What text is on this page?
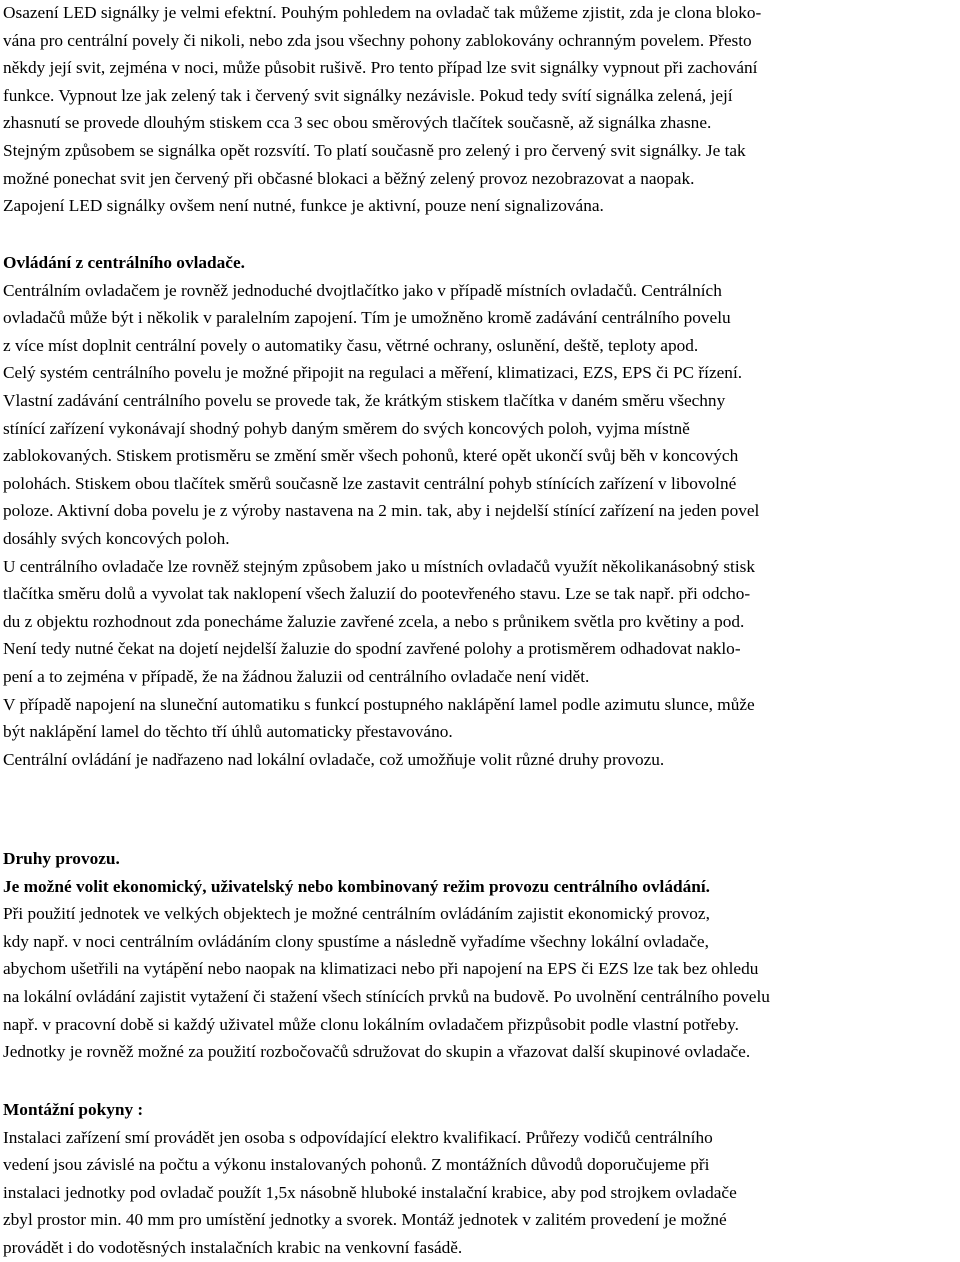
Osazení LED signálky je velmi efektní. Pouhým pohledem na ovladač tak můžeme zjistit, zda je clona bloko-
vána pro centrální povely či nikoli, nebo zda jsou všechny pohony zablokovány ochranným povelem. Přesto
někdy její svit, zejména v noci, může působit rušivě. Pro tento případ lze svit signálky vypnout při zachování
funkce. Vypnout lze jak zelený tak i červený svit signálky nezávisle. Pokud tedy svítí signálka zelená, její
zhasnutí se provede dlouhým stiskem cca 3 sec obou směrových tlačítek současně, až signálka zhasne.
Stejným způsobem se signálka opět rozsvítí. To platí současně pro zelený i pro červený svit signálky. Je tak
možné ponechat svit jen červený při občasné blokaci a běžný zelený provoz nezobrazovat a naopak.
Zapojení LED signálky ovšem není nutné, funkce je aktivní, pouze není signalizována.
Ovládání z centrálního ovladače.
Centrálním ovladačem je rovněž jednoduché dvojtlačítko jako v případě místních ovladačů. Centrálních
ovladačů může být i několik v paralelním zapojení. Tím je umožněno kromě zadávání centrálního povelu
z více míst doplnit centrální povely o automatiky času, větrné ochrany, oslunění, deště, teploty apod.
Celý systém centrálního povelu je možné připojit na regulaci a měření, klimatizaci, EZS, EPS či PC řízení.
Vlastní zadávání centrálního povelu se provede tak, že krátkým stiskem tlačítka v daném směru všechny
stínící zařízení vykonávají shodný pohyb daným směrem do svých koncových poloh, vyjma místně
zablokovaných. Stiskem protisměru se změní směr všech pohonů, které opět ukončí svůj běh v koncových
polohách. Stiskem obou tlačítek směrů současně lze zastavit centrální pohyb stínících zařízení v libovolné
poloze. Aktivní doba povelu je z výroby nastavena na 2 min. tak, aby i nejdelší stínící zařízení na jeden povel
dosáhly svých koncových poloh.
U centrálního ovladače lze rovněž stejným způsobem jako u místních ovladačů využít několikanásobný stisk
tlačítka směru dolů a vyvolat tak naklopení všech žaluzií do pootevřeného stavu. Lze se tak např. při odcho-
du z objektu rozhodnout zda ponecháme žaluzie zavřené zcela, a nebo s průnikem světla pro květiny a pod.
Není tedy nutné čekat na dojetí nejdelší žaluzie do spodní zavřené polohy a protisměrem odhadovat naklo-
pení a to zejména v případě, že na žádnou žaluzii od centrálního ovladače není vidět.
V případě napojení na sluneční automatiku s funkcí postupného naklápění lamel podle azimutu slunce, může
být naklápění lamel do těchto tří úhlů automaticky přestavováno.
Centrální ovládání je nadřazeno nad lokální ovladače, což umožňuje volit různé druhy provozu.
Druhy provozu.
Je možné volit ekonomický, uživatelský nebo kombinovaný režim provozu centrálního ovládání.
Při použití jednotek ve velkých objektech je možné centrálním ovládáním zajistit ekonomický provoz,
kdy např. v noci centrálním ovládáním clony spustíme a následně vyřadíme všechny lokální ovladače,
abychom ušetřili na vytápění nebo naopak na klimatizaci nebo při napojení na EPS či EZS lze tak bez ohledu
na lokální ovládání zajistit vytažení či stažení všech stínících prvků na budově. Po uvolnění centrálního povelu
např. v pracovní době si každý uživatel může clonu lokálním ovladačem přizpůsobit podle vlastní potřeby.
Jednotky je rovněž možné za použití rozbočovačů sdružovat do skupin a vřazovat další skupinové ovladače.
Montážní pokyny :
Instalaci zařízení smí provádět jen osoba s odpovídající elektro kvalifikací. Průřezy vodičů centrálního
vedení jsou závislé na počtu a výkonu instalovaných pohonů. Z montážních důvodů doporučujeme při
instalaci jednotky pod ovladač použít 1,5x násobně hluboké instalační krabice, aby pod strojkem ovladače
zbyl prostor min. 40 mm pro umístění jednotky a svorek. Montáž jednotek v zalitém provedení je možné
provádět i do vodotěsných instalačních krabic na venkovní fasádě.
